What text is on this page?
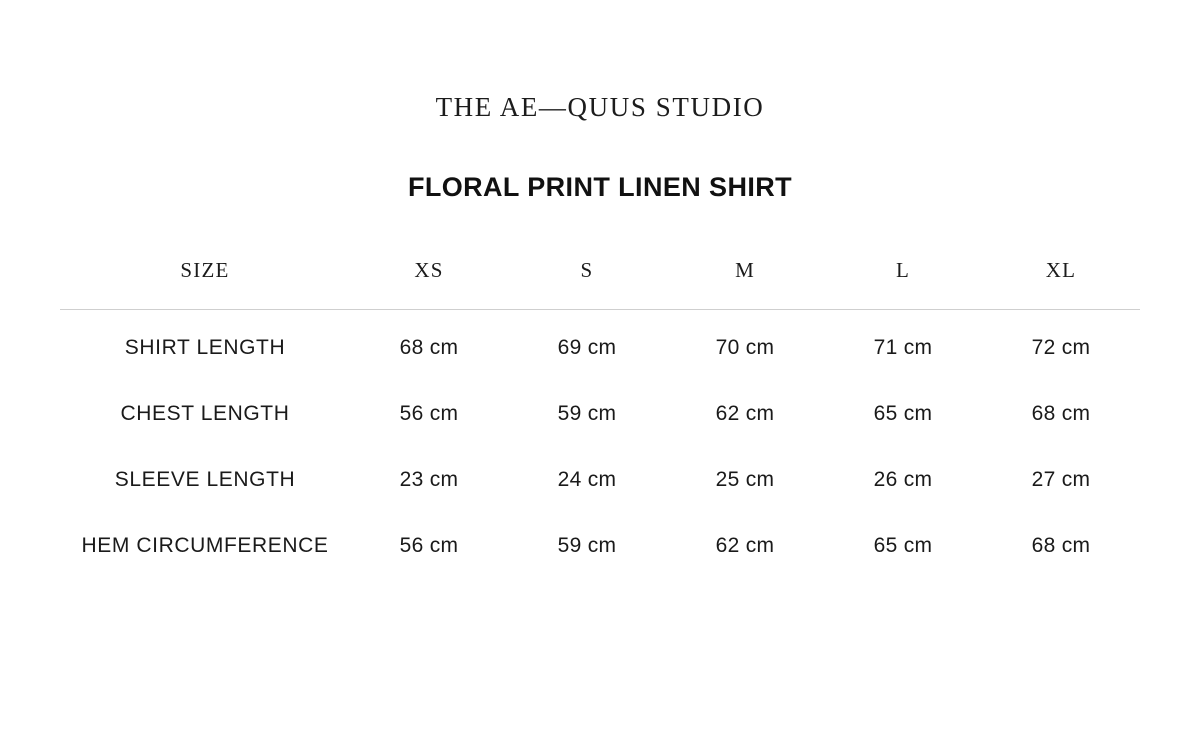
THE AE—QUUS STUDIO
FLORAL PRINT LINEN SHIRT
SIZE	XS	S	M	L	XL
SHIRT LENGTH	68 cm	69 cm	70 cm	71 cm	72 cm
CHEST LENGTH	56 cm	59 cm	62 cm	65 cm	68 cm
SLEEVE LENGTH	23 cm	24 cm	25 cm	26 cm	27 cm
HEM CIRCUMFERENCE	56 cm	59 cm	62 cm	65 cm	68 cm
